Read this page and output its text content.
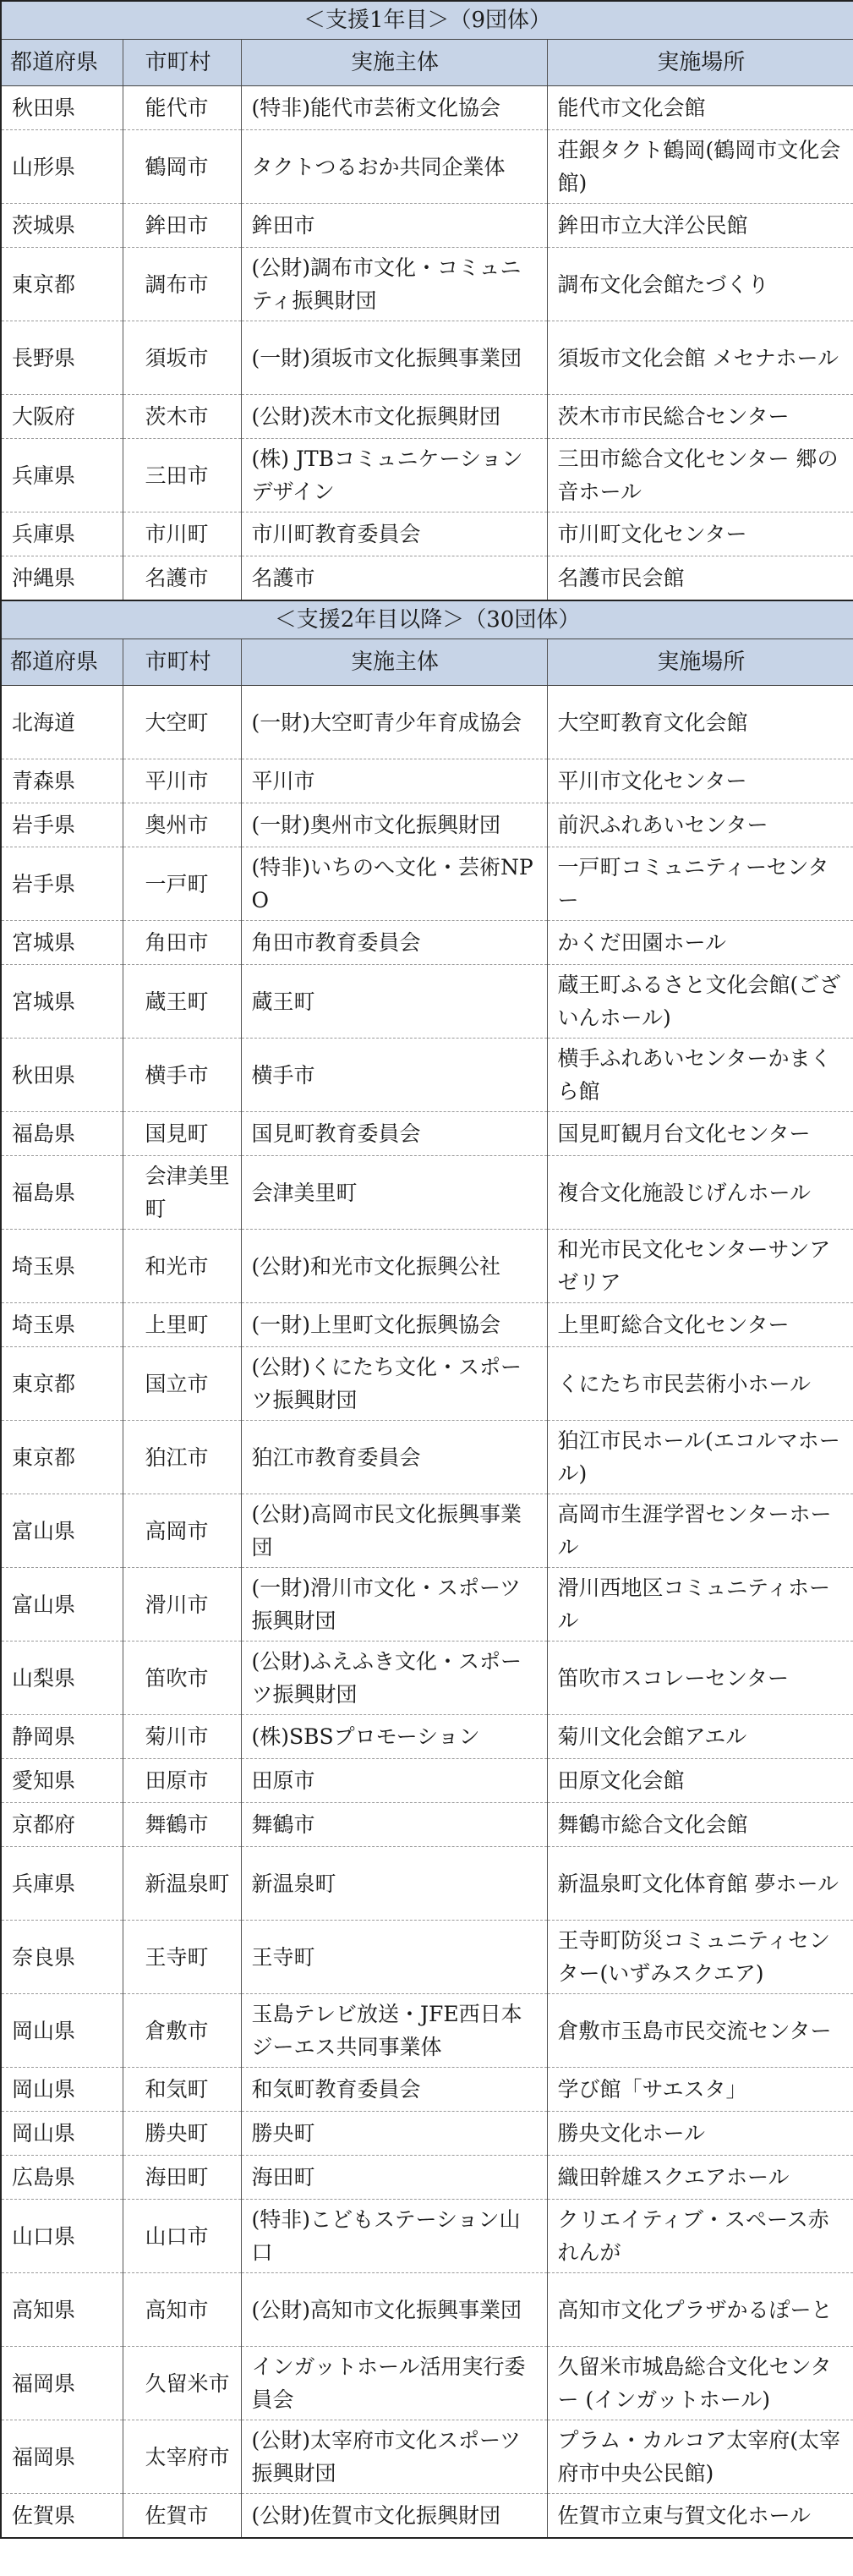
＜支援1年目＞（9団体）			
都道府県	市町村	実施主体	実施場所
秋田県	能代市	(特非)能代市芸術文化協会	能代市文化会館
山形県	鶴岡市	タクトつるおか共同企業体	荘銀タクト鶴岡(鶴岡市文化会館)
茨城県	鉾田市	鉾田市	鉾田市立大洋公民館
東京都	調布市	(公財)調布市文化・コミュニティ振興財団	調布文化会館たづくり
長野県	須坂市	(一財)須坂市文化振興事業団	須坂市文化会館 メセナホール
大阪府	茨木市	(公財)茨木市文化振興財団	茨木市市民総合センター
兵庫県	三田市	(株) JTBコミュニケーションデザイン	三田市総合文化センター 郷の音ホール
兵庫県	市川町	市川町教育委員会	市川町文化センター
沖縄県	名護市	名護市	名護市民会館
＜支援2年目以降＞（30団体）			
都道府県	市町村	実施主体	実施場所
北海道	大空町	(一財)大空町青少年育成協会	大空町教育文化会館
青森県	平川市	平川市	平川市文化センター
岩手県	奥州市	(一財)奥州市文化振興財団	前沢ふれあいセンター
岩手県	一戸町	(特非)いちのへ文化・芸術NPO	一戸町コミュニティーセンター
宮城県	角田市	角田市教育委員会	かくだ田園ホール
宮城県	蔵王町	蔵王町	蔵王町ふるさと文化会館(ございんホール)
秋田県	横手市	横手市	横手ふれあいセンターかまくら館
福島県	国見町	国見町教育委員会	国見町観月台文化センター
福島県	会津美里町	会津美里町	複合文化施設じげんホール
埼玉県	和光市	(公財)和光市文化振興公社	和光市民文化センターサンアゼリア
埼玉県	上里町	(一財)上里町文化振興協会	上里町総合文化センター
東京都	国立市	(公財)くにたち文化・スポーツ振興財団	くにたち市民芸術小ホール
東京都	狛江市	狛江市教育委員会	狛江市民ホール(エコルマホール)
富山県	高岡市	(公財)高岡市民文化振興事業団	高岡市生涯学習センターホール
富山県	滑川市	(一財)滑川市文化・スポーツ振興財団	滑川西地区コミュニティホール
山梨県	笛吹市	(公財)ふえふき文化・スポーツ振興財団	笛吹市スコレーセンター
静岡県	菊川市	(株)SBSプロモーション	菊川文化会館アエル
愛知県	田原市	田原市	田原文化会館
京都府	舞鶴市	舞鶴市	舞鶴市総合文化会館
兵庫県	新温泉町	新温泉町	新温泉町文化体育館 夢ホール
奈良県	王寺町	王寺町	王寺町防災コミュニティセンター(いずみスクエア)
岡山県	倉敷市	玉島テレビ放送・JFE西日本ジーエス共同事業体	倉敷市玉島市民交流センター
岡山県	和気町	和気町教育委員会	学び館「サエスタ」
岡山県	勝央町	勝央町	勝央文化ホール
広島県	海田町	海田町	織田幹雄スクエアホール
山口県	山口市	(特非)こどもステーション山口	クリエイティブ・スペース赤れんが
高知県	高知市	(公財)高知市文化振興事業団	高知市文化プラザかるぽーと
福岡県	久留米市	インガットホール活用実行委員会	久留米市城島総合文化センター (インガットホール)
福岡県	太宰府市	(公財)太宰府市文化スポーツ振興財団	プラム・カルコア太宰府(太宰府市中央公民館)
佐賀県	佐賀市	(公財)佐賀市文化振興財団	佐賀市立東与賀文化ホール
